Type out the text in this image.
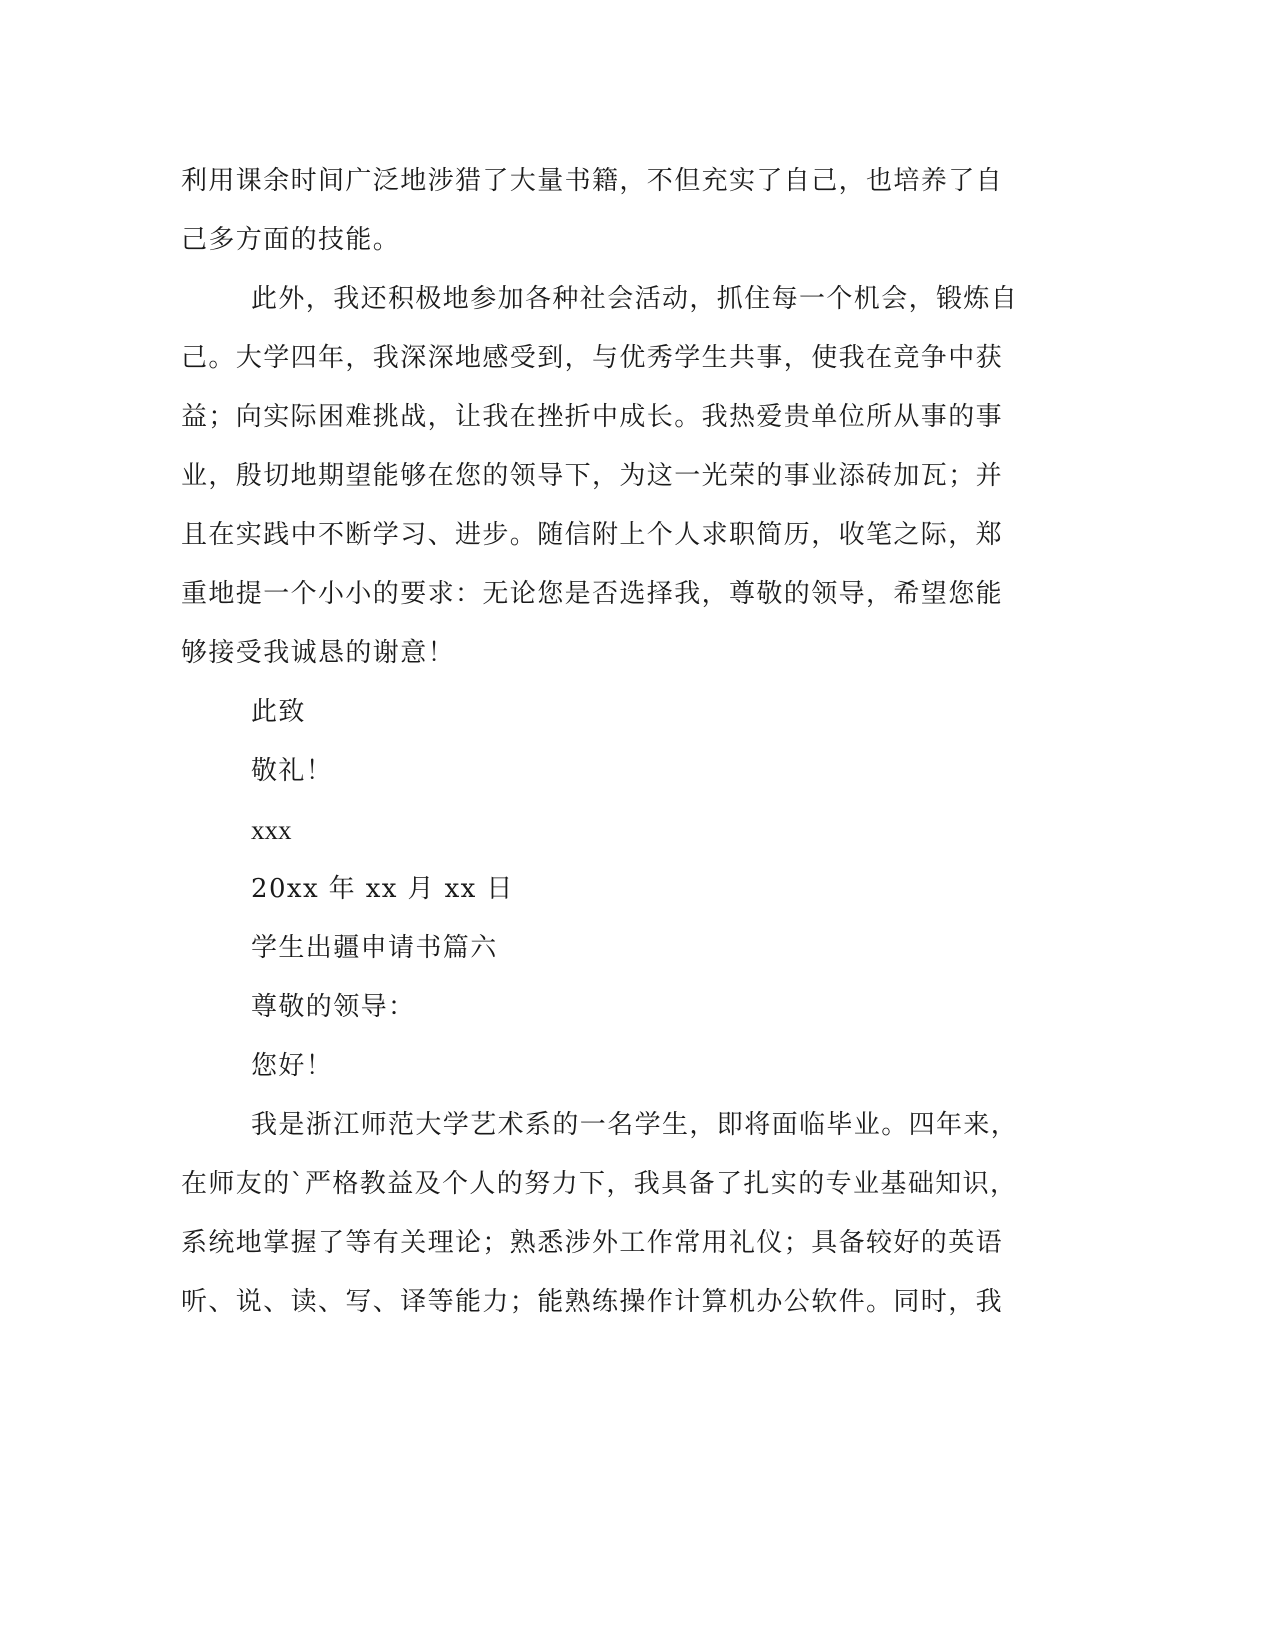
利用课余时间广泛地涉猎了大量书籍，不但充实了自己，也培养了自
己多方面的技能。
此外，我还积极地参加各种社会活动，抓住每一个机会，锻炼自
己。大学四年，我深深地感受到，与优秀学生共事，使我在竞争中获
益；向实际困难挑战，让我在挫折中成长。我热爱贵单位所从事的事
业，殷切地期望能够在您的领导下，为这一光荣的事业添砖加瓦；并
且在实践中不断学习、进步。随信附上个人求职简历，收笔之际，郑
重地提一个小小的要求：无论您是否选择我，尊敬的领导，希望您能
够接受我诚恳的谢意！
此致
敬礼！
xxx
20xx 年 xx 月 xx 日
学生出疆申请书篇六
尊敬的领导：
您好！
我是浙江师范大学艺术系的一名学生，即将面临毕业。四年来，
在师友的`严格教益及个人的努力下，我具备了扎实的专业基础知识，
系统地掌握了等有关理论；熟悉涉外工作常用礼仪；具备较好的英语
听、说、读、写、译等能力；能熟练操作计算机办公软件。同时，我
